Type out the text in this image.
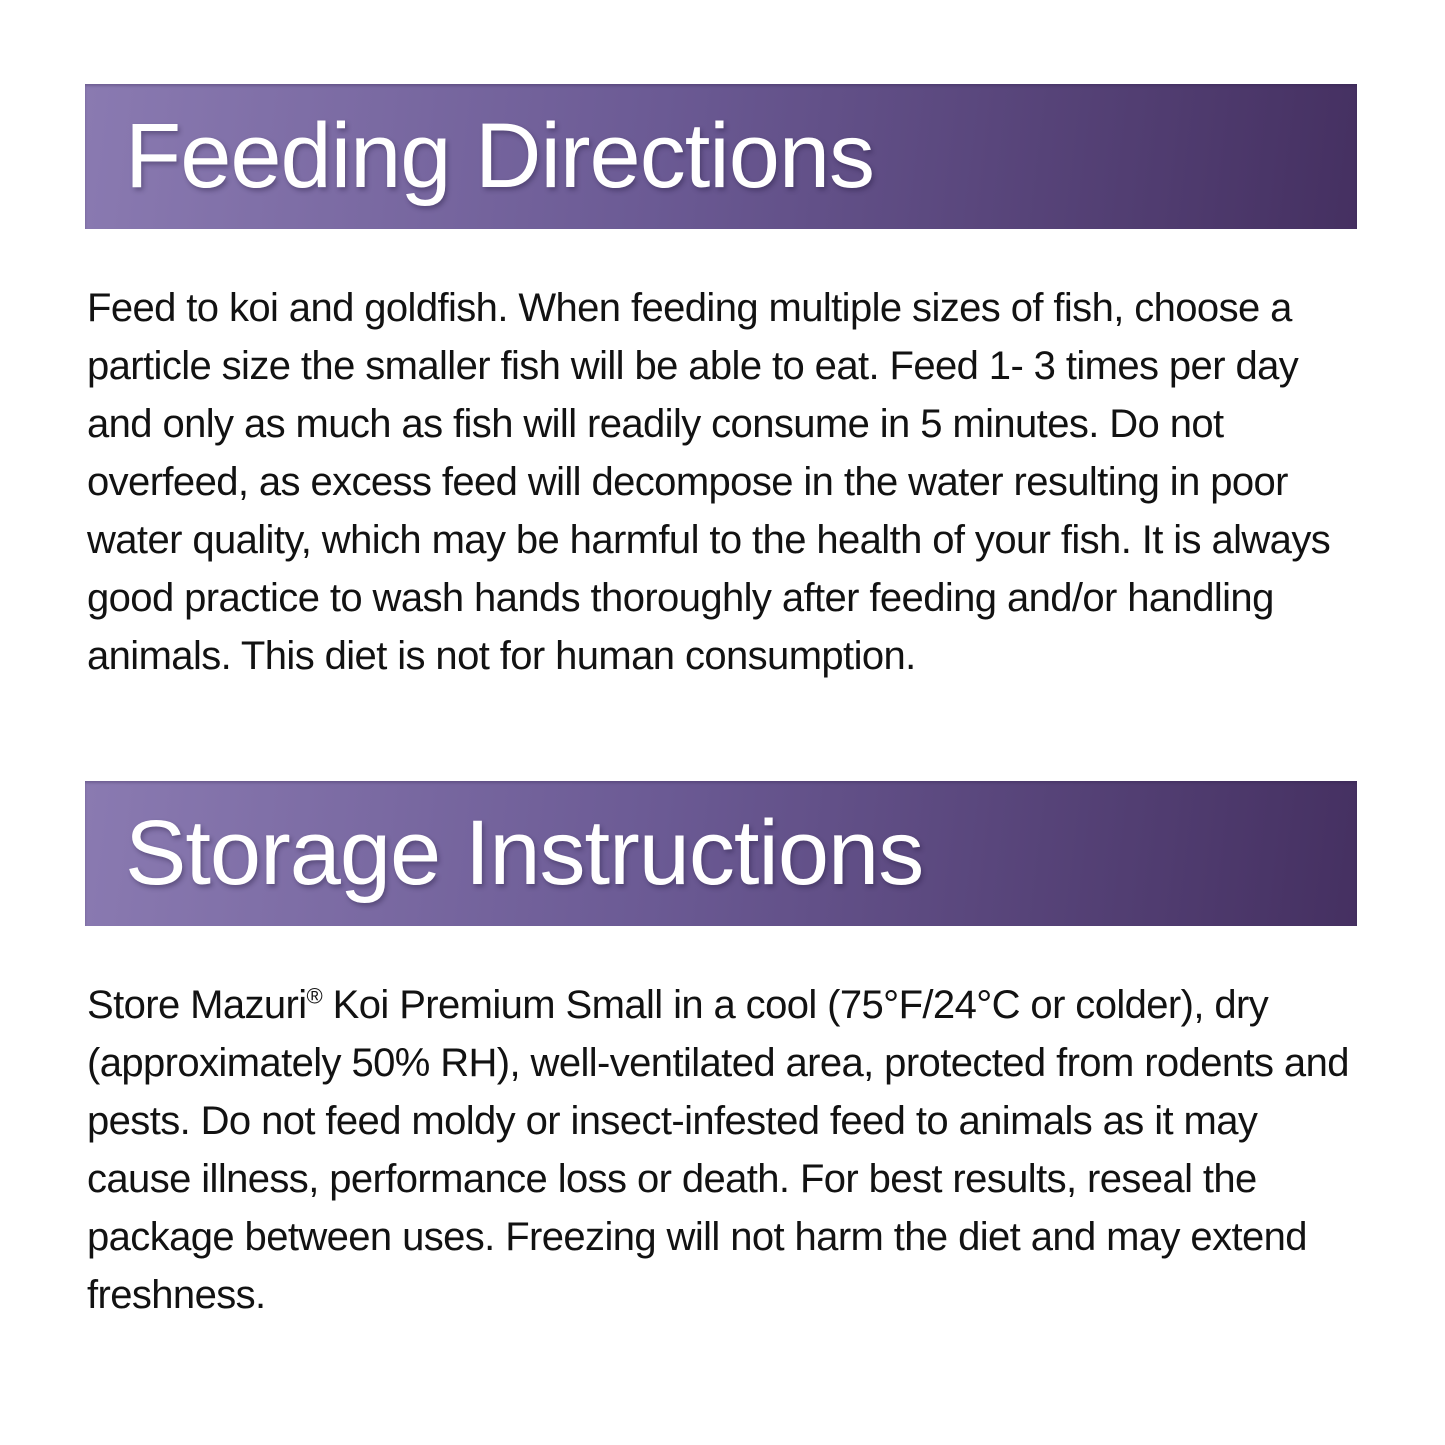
Feeding Directions

Feed to koi and goldfish. When feeding multiple sizes of fish, choose a particle size the smaller fish will be able to eat. Feed 1- 3 times per day and only as much as fish will readily consume in 5 minutes. Do not overfeed, as excess feed will decompose in the water resulting in poor water quality, which may be harmful to the health of your fish. It is always good practice to wash hands thoroughly after feeding and/or handling animals. This diet is not for human consumption.

Storage Instructions

Store Mazuri® Koi Premium Small in a cool (75°F/24°C or colder), dry (approximately 50% RH), well-ventilated area, protected from rodents and pests. Do not feed moldy or insect-infested feed to animals as it may cause illness, performance loss or death. For best results, reseal the package between uses. Freezing will not harm the diet and may extend freshness.
